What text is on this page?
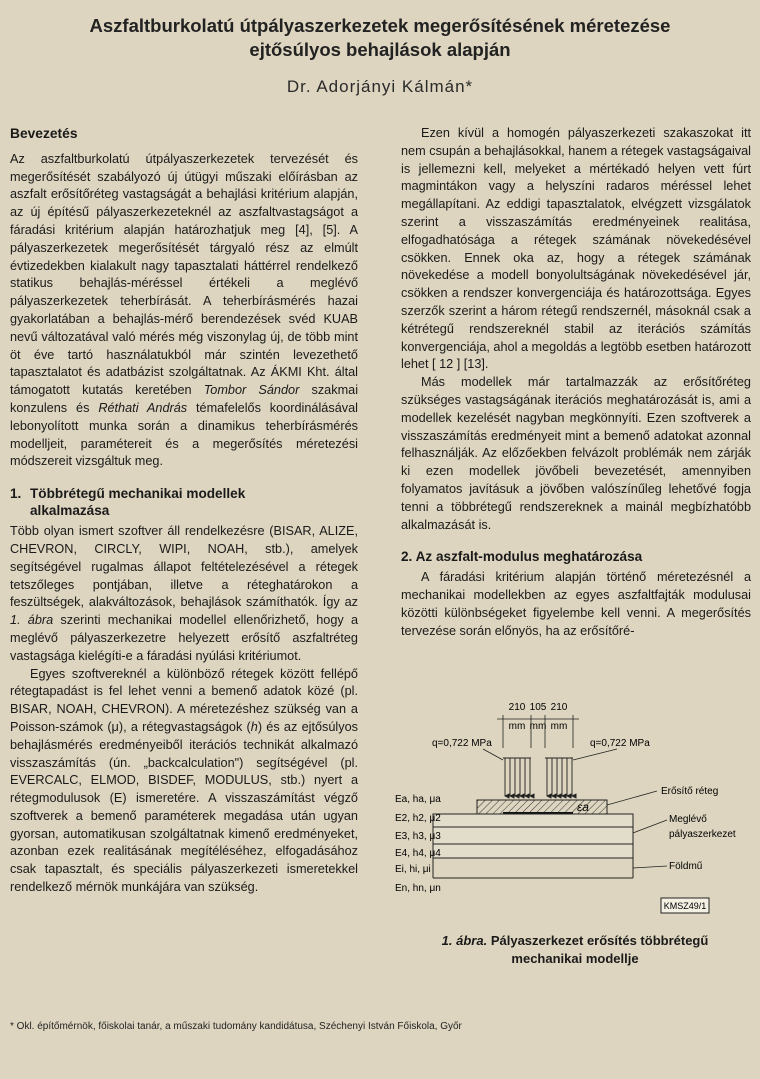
Aszfaltburkolatú útpályaszerkezetek megerősítésének méretezése
ejtősúlyos behajlások alapján
Dr. Adorjányi Kálmán*
Bevezetés

Az aszfaltburkolatú útpályaszerkezetek tervezését és megerősítését szabályozó új útügyi műszaki előírásban az aszfalt erősítőréteg vastagságát a behajlási kritérium alapján, az új építésű pályaszerkezeteknél az aszfaltvastagságot a fáradási kritérium alapján határozhatjuk meg [4], [5]. A pályaszerkezetek megerősítését tárgyaló rész az elmúlt évtizedekben kialakult nagy tapasztalati háttérrel rendelkező statikus behajlás-méréssel értékeli a meglévő pályaszerkezetek teherbírását. A teherbírásmérés hazai gyakorlatában a behajlás-mérő berendezések svéd KUAB nevű változatával való mérés még viszonylag új, de több mint öt éve tartó használatukból már szintén levezethető tapasztalatot és adatbázist szolgáltatnak. Az ÁKMI Kht. által támogatott kutatás keretében Tombor Sándor szakmai konzulens és Réthati András témafelelős koordinálásával lebonyolított munka során a dinamikus teherbírásmérés modelljeit, paramétereit és a megerősítés méretezési módszereit vizsgáltuk meg.

1. Többrétegű mechanikai modellek
alkalmazása

Több olyan ismert szoftver áll rendelkezésre (BISAR, ALIZE, CHEVRON, CIRCLY, WIPI, NOAH, stb.), amelyek segítségével rugalmas állapot feltételezésével a rétegek tetszőleges pontjában, illetve a réteghatárokon a feszültségek, alakváltozások, behajlások számíthatók. Így az 1. ábra szerinti mechanikai modellel ellenőrizhető, hogy a meglévő pályaszerkezetre helyezett erősítő aszfaltréteg vastagsága kielégíti-e a fáradási nyúlási kritériumot.

Egyes szoftvereknél a különböző rétegek között fellépő rétegtapadást is fel lehet venni a bemenő adatok közé (pl. BISAR, NOAH, CHEVRON). A méretezéshez szükség van a Poisson-számok (μ), a rétegvastagságok (h) és az ejtősúlyos behajlásmérés eredményeiből iterációs technikát alkalmazó visszaszámítás (ún. „backcalculation") segítségével (pl. EVERCALC, ELMOD, BISDEF, MODULUS, stb.) nyert a rétegmodulusok (E) ismeretére. A visszaszámítást végző szoftverek a bemenő paraméterek megadása után ugyan gyorsan, automatikusan szolgáltatnak kimenő eredményeket, azonban ezek realitásának megítéléséhez, elfogadásához csak tapasztalt, és speciális pályaszerkezeti ismeretekkel rendelkező mérnök munkájára van szükség.

Ezen kívül a homogén pályaszerkezeti szakaszokat itt nem csupán a behajlásokkal, hanem a rétegek vastagságaival is jellemezni kell, melyeket a mértékadó helyen vett fúrt magmintákon vagy a helyszíni radaros méréssel lehet megállapítani. Az eddigi tapasztalatok, elvégzett vizsgálatok szerint a visszaszámítás eredményeinek realitása, elfogadhatósága a rétegek számának növekedésével csökken. Ennek oka az, hogy a rétegek számának növekedése a modell bonyolultságának növekedésével jár, csökken a rendszer konvergenciája és határozottsága. Egyes szerzők szerint a három rétegű rendszernél, másoknál csak a kétrétegű rendszereknél stabil az iterációs számítás konvergenciája, ahol a megoldás a legtöbb esetben határozott lehet [ 12 ] [13].

Más modellek már tartalmazzák az erősítőréteg szükséges vastagságának iterációs meghatározását is, ami a modellek kezelését nagyban megkönnyíti. Ezen szoftverek a visszaszámítás eredményeit mint a bemenő adatokat azonnal felhasználják. Az előzőekben felvázolt problémák nem zárják ki ezen modellek jövőbeli bevezetését, amennyiben folyamatos javításuk a jövőben valószínűleg lehetővé fogja tenni a többrétegű rendszereknek a mainál megbízhatóbb alkalmazását is.

2. Az aszfalt-modulus meghatározása

A fáradási kritérium alapján történő méretezésnél a mechanikai modellekben az egyes aszfaltfajták modulusai közötti különbségeket figyelembe kell venni. A megerősítés tervezése során előnyös, ha az erősítőré-

210 105 210
mm mm mm
q=0,722 MPa	q=0,722 MPa
εa
Ea, ha, μa
E2, h2, μ2
E3, h3, μ3
E4, h4, μ4
Ei, hi, μi
En, hn, μn
Erősítő réteg
Meglévő
pályaszerkezet
Földmű
KMSZ49/1
1. ábra. Pályaszerkezet erősítés többrétegű
mechanikai modellje
* Okl. építőmérnök, főiskolai tanár, a műszaki tudomány kandidátusa, Széchenyi István Főiskola, Győr
